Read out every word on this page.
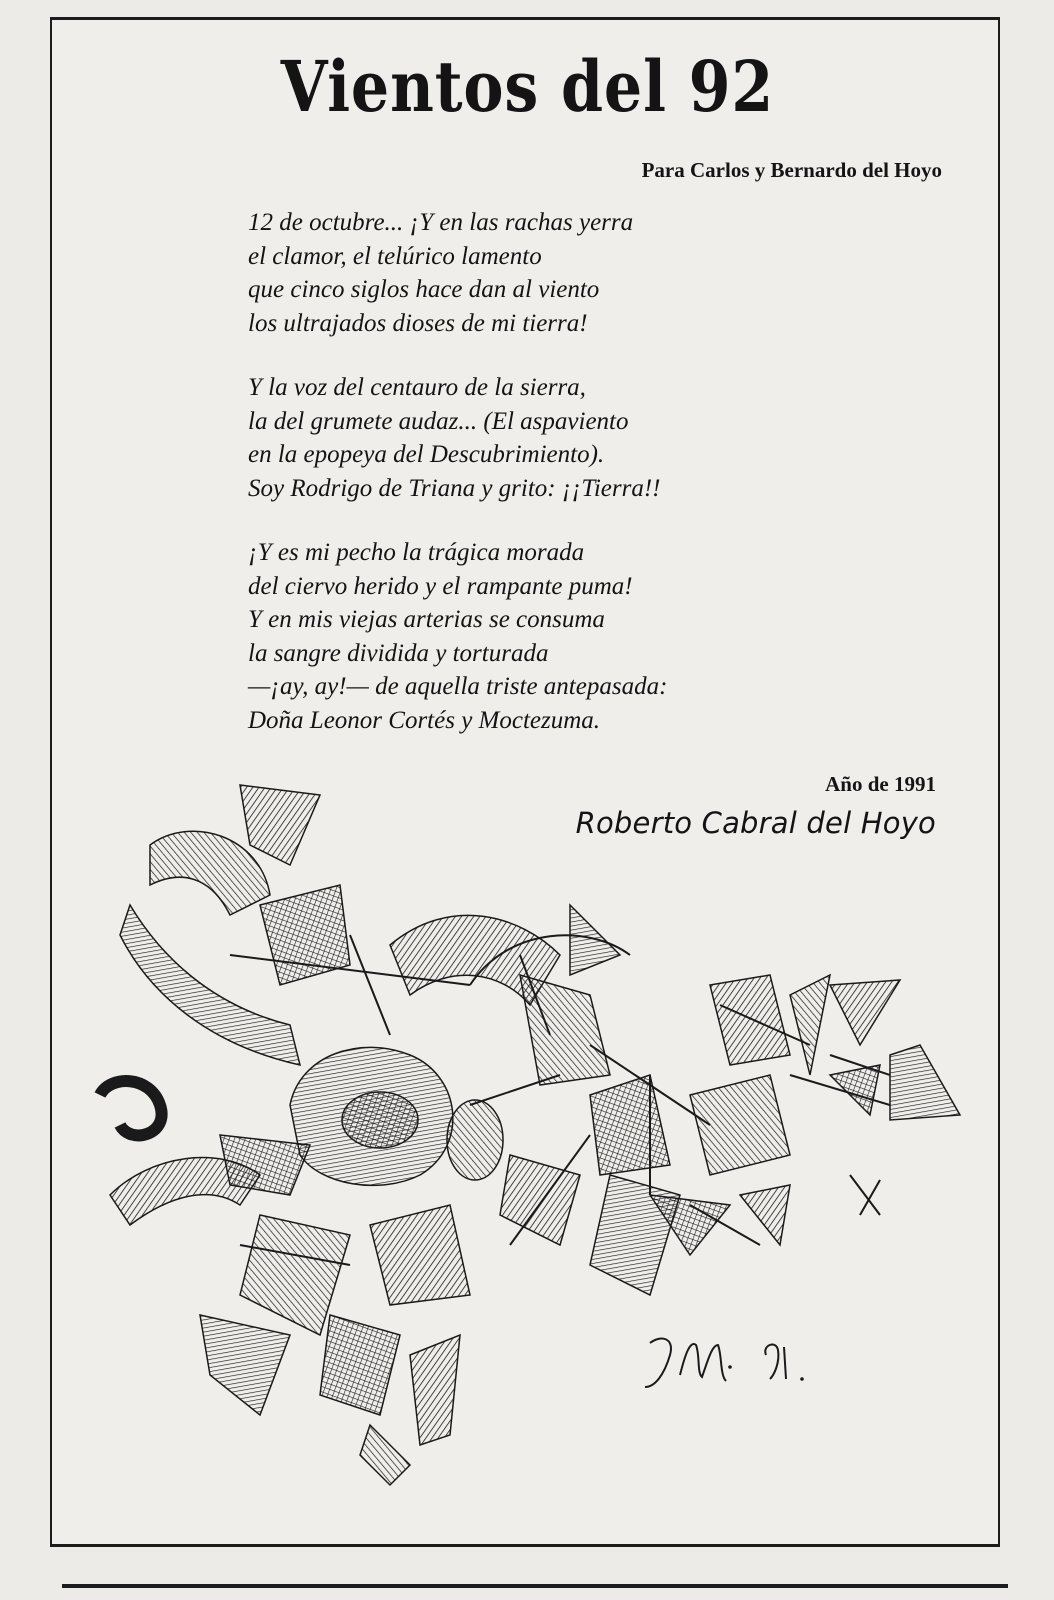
Vientos del 92

Para Carlos y Bernardo del Hoyo

12 de octubre... ¡Y en las rachas yerra
el clamor, el telúrico lamento
que cinco siglos hace dan al viento
los ultrajados dioses de mi tierra!

Y la voz del centauro de la sierra,
la del grumete audaz... (El aspaviento
en la epopeya del Descubrimiento).
Soy Rodrigo de Triana y grito: ¡¡Tierra!!

¡Y es mi pecho la trágica morada
del ciervo herido y el rampante puma!
Y en mis viejas arterias se consuma
la sangre dividida y torturada
—¡ay, ay!— de aquella triste antepasada:
Doña Leonor Cortés y Moctezuma.

Año de 1991

Roberto Cabral del Hoyo
